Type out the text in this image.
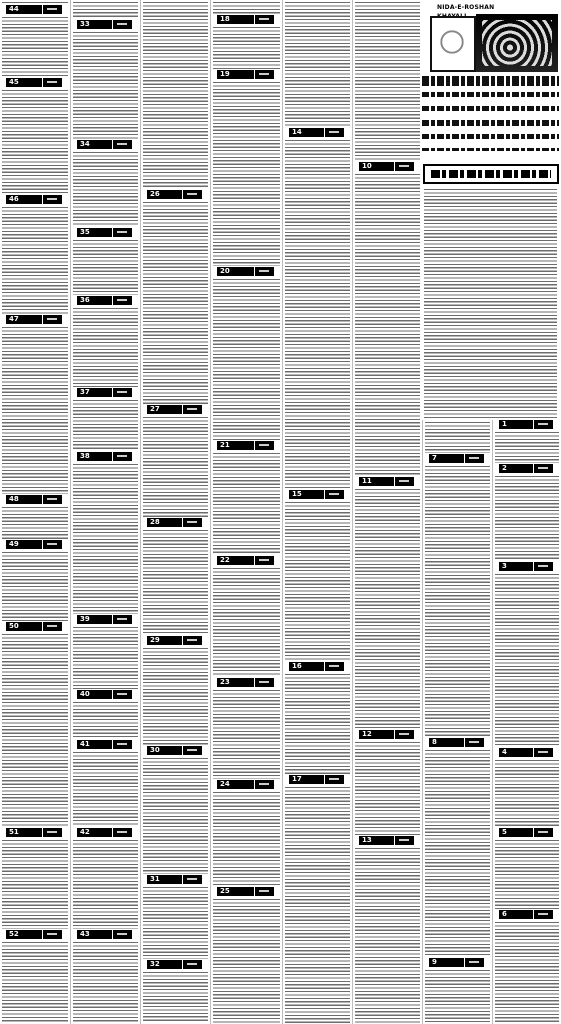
44
45
46
47
48
49
50
51
52
33
34
35
36
37
38
39
40
41
42
43
26
27
28
29
30
31
32
18
19
20
21
22
23
24
25
14
15
16
17
10
11
12
13
NIDA-E-ROSHAN
7
8
9
1
2
3
4
5
6
